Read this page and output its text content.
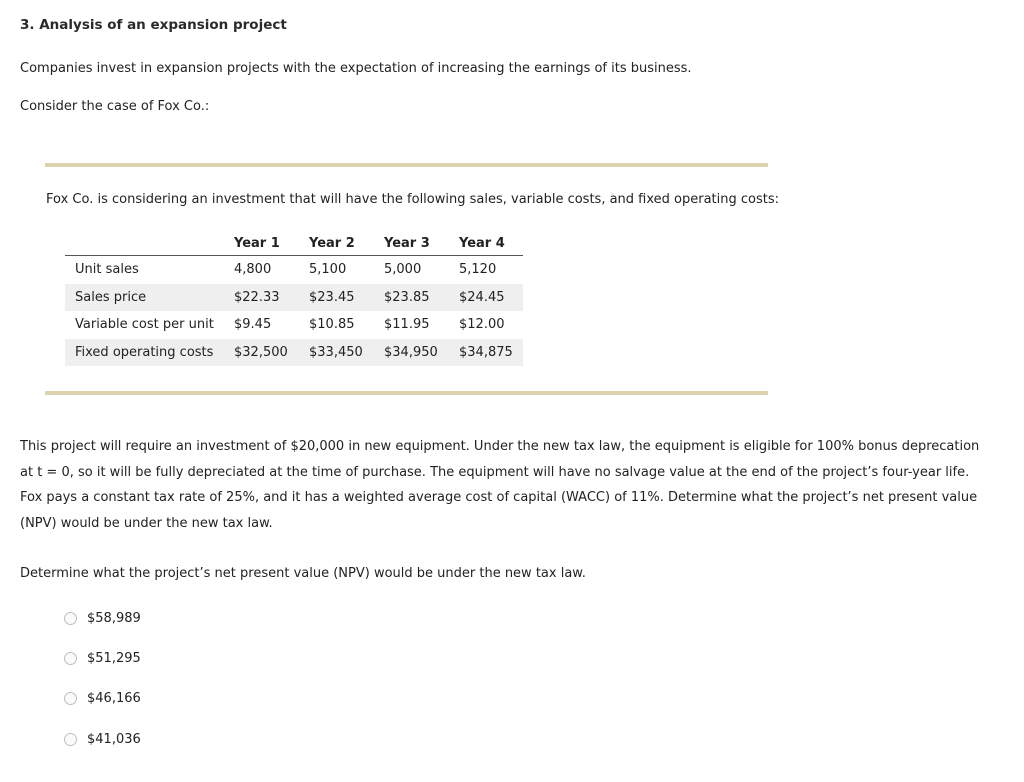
3. Analysis of an expansion project
Companies invest in expansion projects with the expectation of increasing the earnings of its business.
Consider the case of Fox Co.:
Fox Co. is considering an investment that will have the following sales, variable costs, and fixed operating costs:
	Year 1	Year 2	Year 3	Year 4
Unit sales	4,800	5,100	5,000	5,120
Sales price	$22.33	$23.45	$23.85	$24.45
Variable cost per unit	$9.45	$10.85	$11.95	$12.00
Fixed operating costs	$32,500	$33,450	$34,950	$34,875
This project will require an investment of $20,000 in new equipment. Under the new tax law, the equipment is eligible for 100% bonus deprecation at t = 0, so it will be fully depreciated at the time of purchase. The equipment will have no salvage value at the end of the project’s four-year life. Fox pays a constant tax rate of 25%, and it has a weighted average cost of capital (WACC) of 11%. Determine what the project’s net present value (NPV) would be under the new tax law.
Determine what the project’s net present value (NPV) would be under the new tax law.
$58,989
$51,295
$46,166
$41,036
